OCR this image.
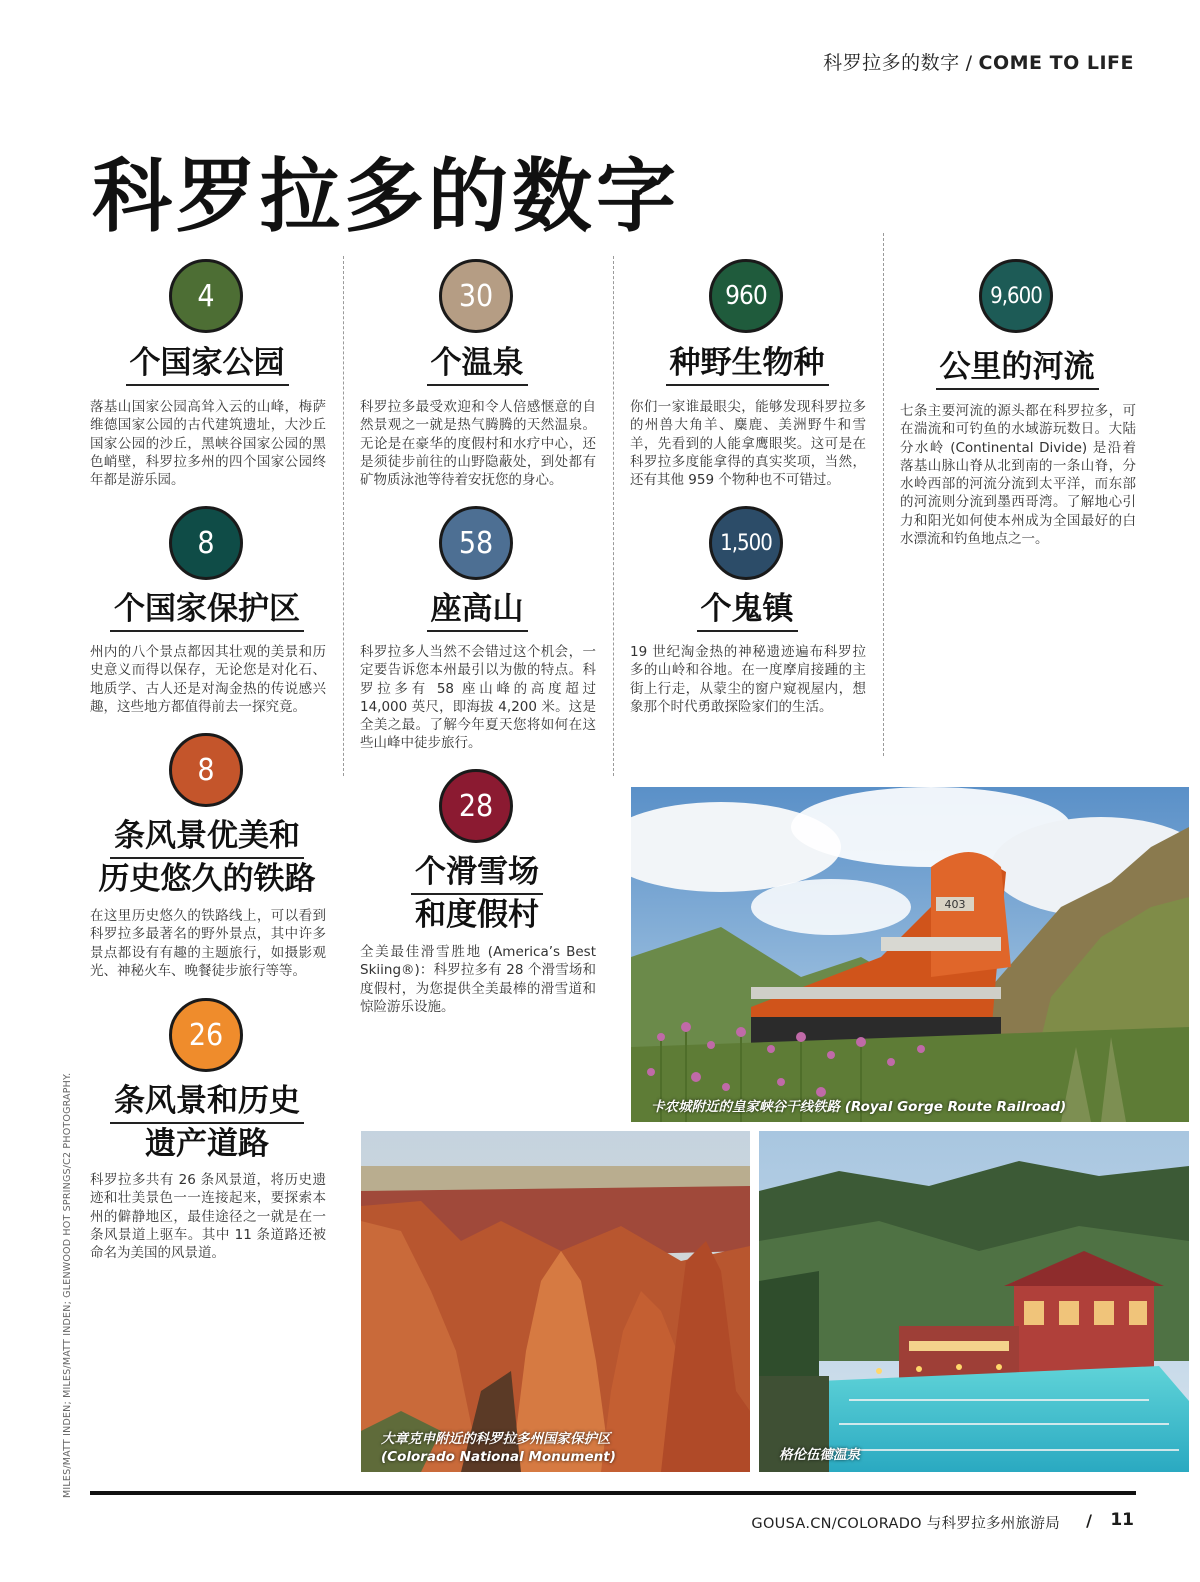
科罗拉多的数字 / COME TO LIFE
科罗拉多的数字
4
个国家公园
落基山国家公园高耸入云的山峰，梅萨维德国家公园的古代建筑遗址，大沙丘国家公园的沙丘，黑峡谷国家公园的黑色峭壁，科罗拉多州的四个国家公园终年都是游乐园。
8
个国家保护区
州内的八个景点都因其壮观的美景和历史意义而得以保存，无论您是对化石、地质学、古人还是对淘金热的传说感兴趣，这些地方都值得前去一探究竟。
8
条风景优美和
历史悠久的铁路
在这里历史悠久的铁路线上，可以看到科罗拉多最著名的野外景点，其中许多景点都设有有趣的主题旅行，如摄影观光、神秘火车、晚餐徒步旅行等等。
26
条风景和历史
遗产道路
科罗拉多共有 26 条风景道，将历史遗迹和壮美景色一一连接起来，要探索本州的僻静地区，最佳途径之一就是在一条风景道上驱车。其中 11 条道路还被命名为美国的风景道。
30
个温泉
科罗拉多最受欢迎和令人倍感惬意的自然景观之一就是热气腾腾的天然温泉。无论是在豪华的度假村和水疗中心，还是须徒步前往的山野隐蔽处，到处都有矿物质泳池等待着安抚您的身心。
58
座高山
科罗拉多人当然不会错过这个机会，一定要告诉您本州最引以为傲的特点。科罗拉多有 58 座山峰的高度超过 14,000 英尺，即海拔 4,200 米。这是全美之最。了解今年夏天您将如何在这些山峰中徒步旅行。
28
个滑雪场
和度假村
全美最佳滑雪胜地 (America’s Best Skiing®)：科罗拉多有 28 个滑雪场和度假村，为您提供全美最棒的滑雪道和惊险游乐设施。
960
种野生物种
你们一家谁最眼尖，能够发现科罗拉多的州兽大角羊、麋鹿、美洲野牛和雪羊，先看到的人能拿鹰眼奖。这可是在科罗拉多度能拿得的真实奖项，当然，还有其他 959 个物种也不可错过。
1,500
个鬼镇
19 世纪淘金热的神秘遗迹遍布科罗拉多的山岭和谷地。在一度摩肩接踵的主街上行走，从蒙尘的窗户窥视屋内，想象那个时代勇敢探险家们的生活。
9,600
公里的河流
七条主要河流的源头都在科罗拉多，可在湍流和可钓鱼的水域游玩数日。大陆分水岭 (Continental Divide) 是沿着落基山脉山脊从北到南的一条山脊，分水岭西部的河流分流到太平洋，而东部的河流则分流到墨西哥湾。了解地心引力和阳光如何使本州成为全国最好的白水漂流和钓鱼地点之一。
403
卡农城附近的皇家峡谷干线铁路 (Royal Gorge Route Railroad)
大章克申附近的科罗拉多州国家保护区
(Colorado National Monument)	格伦伍德温泉
MILES/MATT INDEN; MILES/MATT INDEN; GLENWOOD HOT SPRINGS/C2 PHOTOGRAPHY.
GOUSA.CN/COLORADO 与科罗拉多州旅游局 / 11
